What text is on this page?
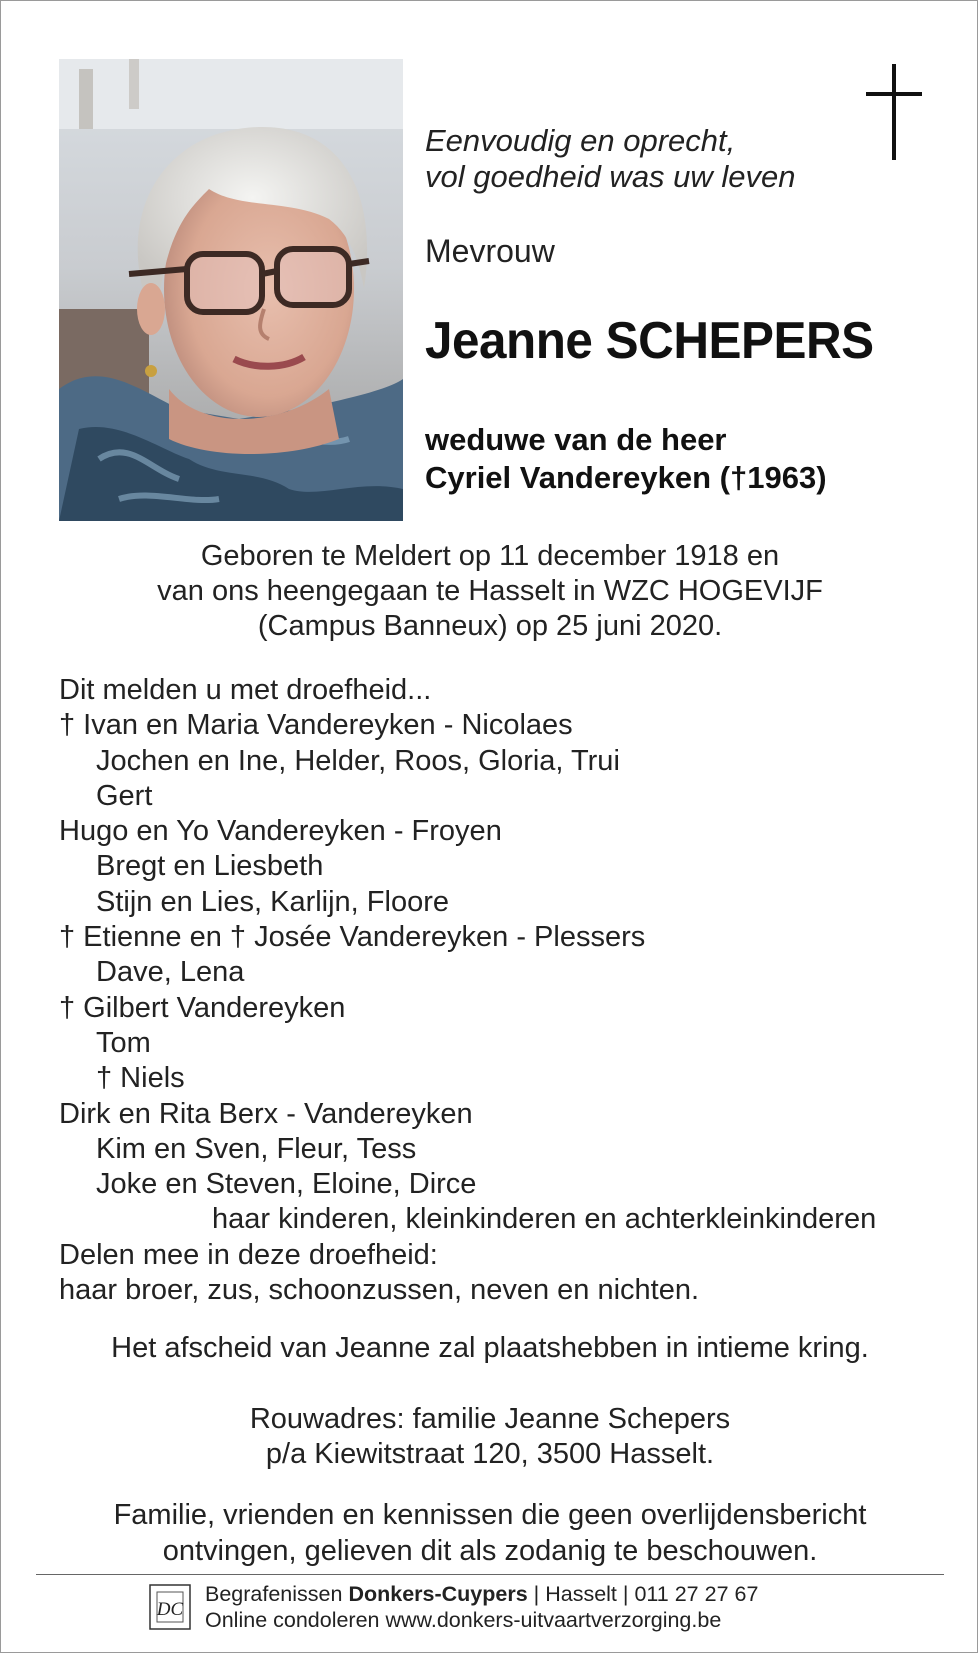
Eenvoudig en oprecht,
vol goedheid was uw leven
Mevrouw
Jeanne SCHEPERS
weduwe van de heer
Cyriel Vandereyken (†1963)
Geboren te Meldert op 11 december 1918 en
van ons heengegaan te Hasselt in WZC HOGEVIJF
(Campus Banneux) op 25 juni 2020.
Dit melden u met droefheid...
† Ivan en Maria Vandereyken - Nicolaes
Jochen en Ine, Helder, Roos, Gloria, Trui
Gert
Hugo en Yo Vandereyken - Froyen
Bregt en Liesbeth
Stijn en Lies, Karlijn, Floore
† Etienne en † Josée Vandereyken - Plessers
Dave, Lena
† Gilbert Vandereyken
Tom
† Niels
Dirk en Rita Berx - Vandereyken
Kim en Sven, Fleur, Tess
Joke en Steven, Eloine, Dirce
haar kinderen, kleinkinderen en achterkleinkinderen
Delen mee in deze droefheid:
haar broer, zus, schoonzussen, neven en nichten.
Het afscheid van Jeanne zal plaatshebben in intieme kring.
Rouwadres: familie Jeanne Schepers
p/a Kiewitstraat 120, 3500 Hasselt.
Familie, vrienden en kennissen die geen overlijdensbericht
ontvingen, gelieven dit als zodanig te beschouwen.
DC
Begrafenissen Donkers-Cuypers | Hasselt | 011 27 27 67
Online condoleren www.donkers-uitvaartverzorging.be
